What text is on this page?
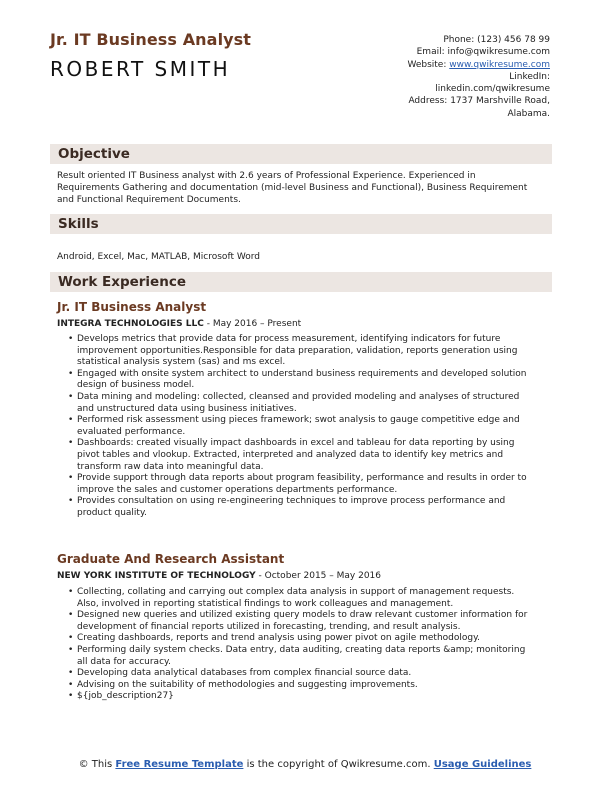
Jr. IT Business Analyst
ROBERT SMITH
Phone: (123) 456 78 99
Email: info@qwikresume.com
Website: www.qwikresume.com
LinkedIn:
linkedin.com/qwikresume
Address: 1737 Marshville Road,
Alabama.
Objective
Result oriented IT Business analyst with 2.6 years of Professional Experience. Experienced in Requirements Gathering and documentation (mid-level Business and Functional), Business Requirement and Functional Requirement Documents.
Skills
Android, Excel, Mac, MATLAB, Microsoft Word
Work Experience
Jr. IT Business Analyst
INTEGRA TECHNOLOGIES LLC - May 2016 – Present
• Develops metrics that provide data for process measurement, identifying indicators for future improvement opportunities.Responsible for data preparation, validation, reports generation using statistical analysis system (sas) and ms excel.
• Engaged with onsite system architect to understand business requirements and developed solution design of business model.
• Data mining and modeling: collected, cleansed and provided modeling and analyses of structured and unstructured data using business initiatives.
• Performed risk assessment using pieces framework; swot analysis to gauge competitive edge and evaluated performance.
• Dashboards: created visually impact dashboards in excel and tableau for data reporting by using pivot tables and vlookup. Extracted, interpreted and analyzed data to identify key metrics and transform raw data into meaningful data.
• Provide support through data reports about program feasibility, performance and results in order to improve the sales and customer operations departments performance.
• Provides consultation on using re-engineering techniques to improve process performance and product quality.
Graduate And Research Assistant
NEW YORK INSTITUTE OF TECHNOLOGY - October 2015 – May 2016
• Collecting, collating and carrying out complex data analysis in support of management requests. Also, involved in reporting statistical findings to work colleagues and management.
• Designed new queries and utilized existing query models to draw relevant customer information for development of financial reports utilized in forecasting, trending, and result analysis.
• Creating dashboards, reports and trend analysis using power pivot on agile methodology.
• Performing daily system checks. Data entry, data auditing, creating data reports &amp; monitoring all data for accuracy.
• Developing data analytical databases from complex financial source data.
• Advising on the suitability of methodologies and suggesting improvements.
• ${job_description27}
© This Free Resume Template is the copyright of Qwikresume.com. Usage Guidelines
